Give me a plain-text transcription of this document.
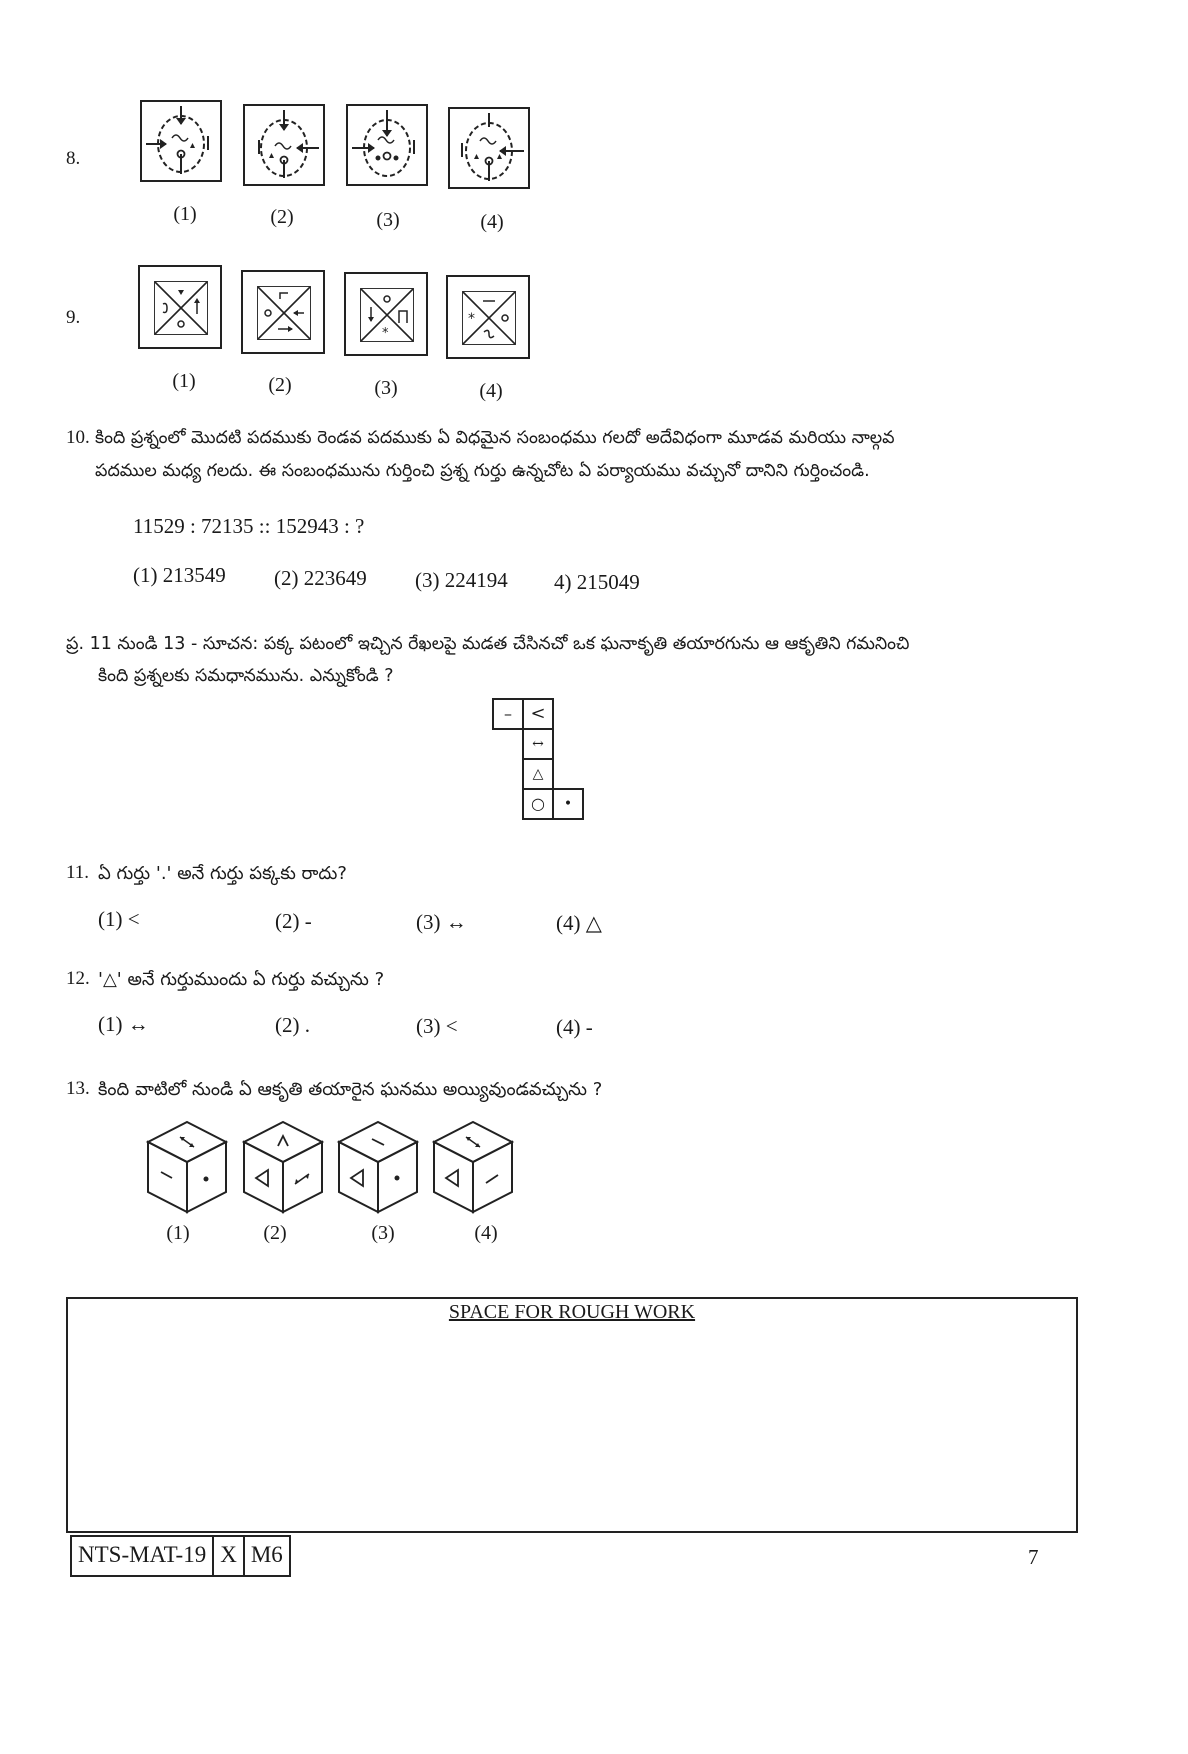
8.
(1)	(2)	(3)	(4)
9.
*
*
(1)	(2)	(3)	(4)
10. కింది ప్రశ్నంలో మొదటి పదముకు రెండవ పదముకు ఏ విధమైన సంబంధము గలదో అదేవిధంగా మూడవ మరియు నాల్గవ
పదముల మధ్య గలదు. ఈ సంబంధమును గుర్తించి ప్రశ్న గుర్తు ఉన్నచోట ఏ పర్యాయము వచ్చునో దానిని గుర్తించండి.
11529 : 72135 :: 152943 : ?
(1) 213549 (2) 223649 (3) 224194 4) 215049
ప్ర. 11 నుండి 13 - సూచన: పక్క పటంలో ఇచ్చిన రేఖలపై మడత చేసినచో ఒక ఘనాకృతి తయారగును ఆ ఆకృతిని గమనించి
కింది ప్రశ్నలకు సమధానమును. ఎన్నుకోండి ?
–	<
↔
△
○	•
11. ఏ గుర్తు '.' అనే గుర్తు పక్కకు రాదు?
(1) <	(2) -	(3) ↔	(4) △
12. '△' అనే గుర్తుముందు ఏ గుర్తు వచ్చును ?
(1) ↔	(2) .	(3) <	(4) -
13. కింది వాటిలో నుండి ఏ ఆకృతి తయారైన ఘనము అయ్యివుండవచ్చును ?
(1)	(2)	(3)	(4)
SPACE FOR ROUGH WORK
NTS-MAT-19 X M6	7
